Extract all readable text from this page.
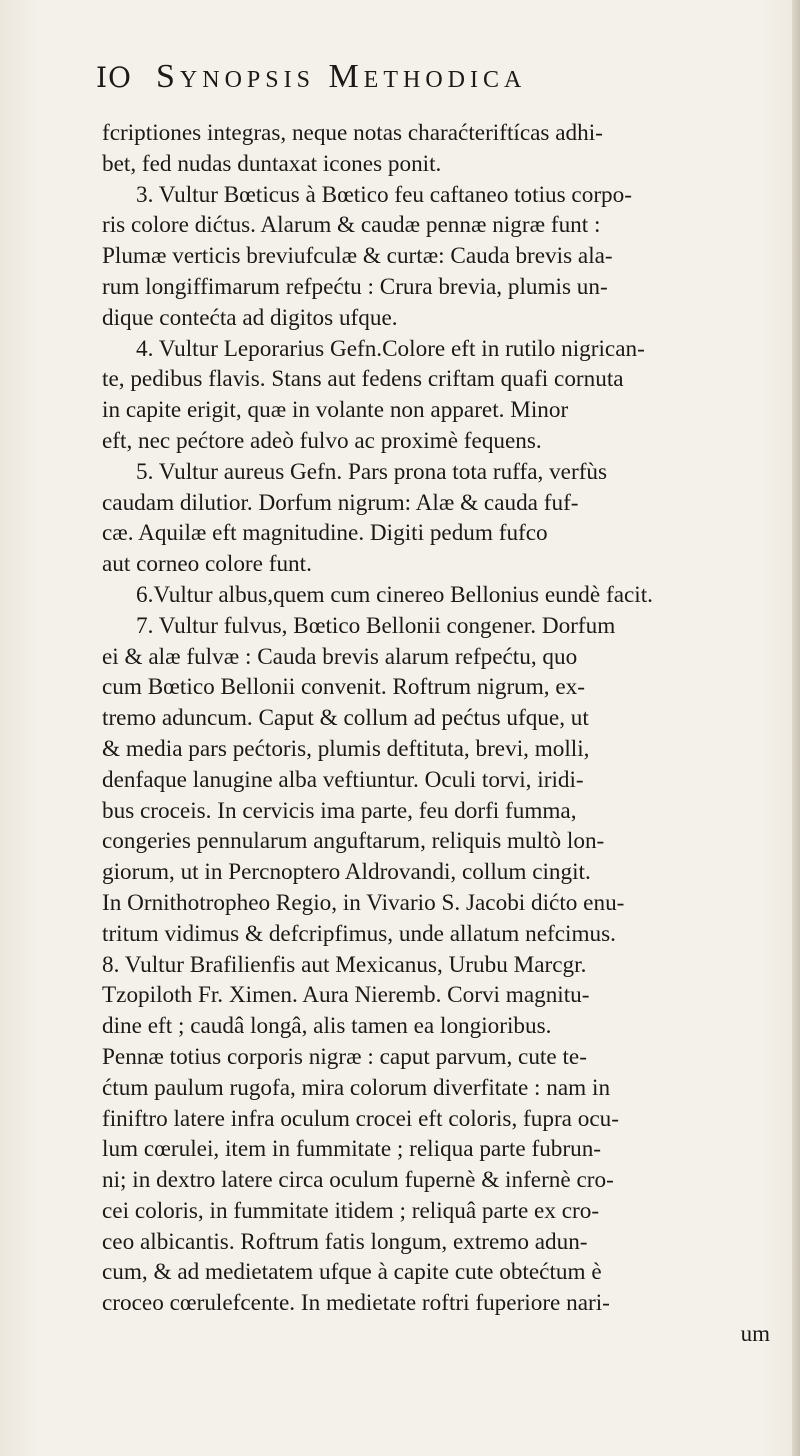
IO Synopsis Methodica
fcriptiones integras, neque notas charaćteriftícas adhi-
bet, fed nudas duntaxat icones ponit.
3. Vultur Bœticus à Bœtico feu caftaneo totius corpo-
ris colore dićtus. Alarum & caudæ pennæ nigræ funt :
Plumæ verticis breviufculæ & curtæ: Cauda brevis ala-
rum longiffimarum refpećtu : Crura brevia, plumis un-
dique contećta ad digitos ufque.
4. Vultur Leporarius Gefn.Colore eft in rutilo nigrican-
te, pedibus flavis. Stans aut fedens criftam quafi cornuta
in capite erigit, quæ in volante non apparet. Minor
eft, nec pećtore adeò fulvo ac proximè fequens.
5. Vultur aureus Gefn. Pars prona tota ruffa, verfùs
caudam dilutior. Dorfum nigrum: Alæ & cauda fuf-
cæ. Aquilæ eft magnitudine. Digiti pedum fufco
aut corneo colore funt.
6.Vultur albus,quem cum cinereo Bellonius eundè facit.
7. Vultur fulvus, Bœtico Bellonii congener. Dorfum
ei & alæ fulvæ : Cauda brevis alarum refpećtu, quo
cum Bœtico Bellonii convenit. Roftrum nigrum, ex-
tremo aduncum. Caput & collum ad pećtus ufque, ut
& media pars pećtoris, plumis deftituta, brevi, molli,
denfaque lanugine alba veftiuntur. Oculi torvi, iridi-
bus croceis. In cervicis ima parte, feu dorfi fumma,
congeries pennularum anguftarum, reliquis multò lon-
giorum, ut in Percnoptero Aldrovandi, collum cingit.
In Ornithotropheo Regio, in Vivario S. Jacobi dićto enu-
tritum vidimus & defcripfimus, unde allatum nefcimus.
8. Vultur Brafilienfis aut Mexicanus, Urubu Marcgr.
Tzopiloth Fr. Ximen. Aura Nieremb. Corvi magnitu-
dine eft ; caudâ longâ, alis tamen ea longioribus.
Pennæ totius corporis nigræ : caput parvum, cute te-
ćtum paulum rugofa, mira colorum diverfitate : nam in
finiftro latere infra oculum crocei eft coloris, fupra ocu-
lum cœrulei, item in fummitate ; reliqua parte fubrun-
ni; in dextro latere circa oculum fupernè & infernè cro-
cei coloris, in fummitate itidem ; reliquâ parte ex cro-
ceo albicantis. Roftrum fatis longum, extremo adun-
cum, & ad medietatem ufque à capite cute obtećtum è
croceo cœrulefcente. In medietate roftri fuperiore nari-
um
